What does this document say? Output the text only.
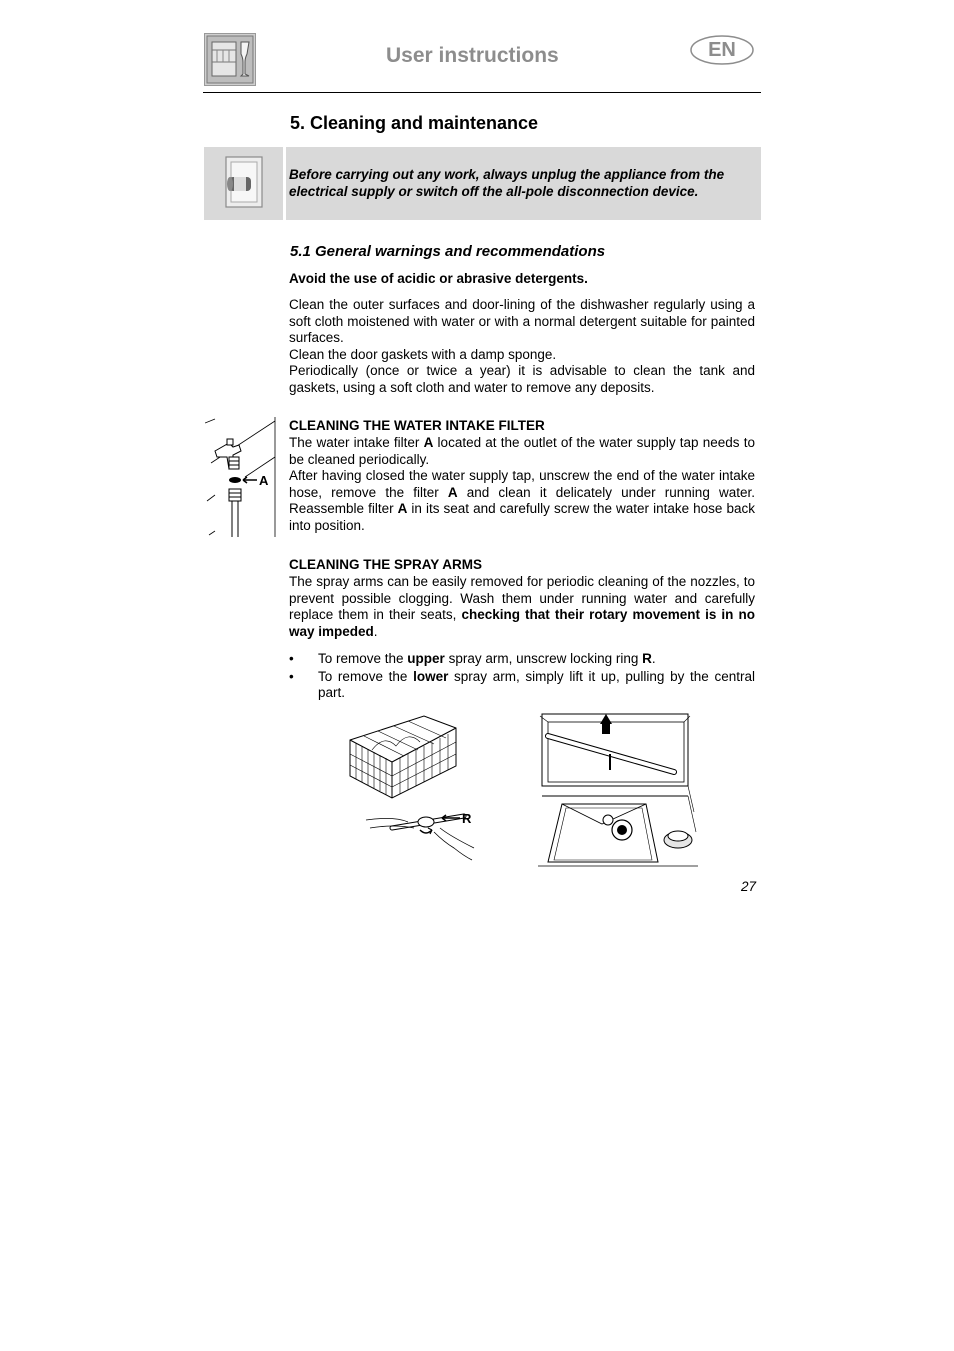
User instructions	EN
5. Cleaning and maintenance
Before carrying out any work, always unplug the appliance from the electrical supply or switch off the all-pole disconnection device.
5.1 General warnings and recommendations
Avoid the use of acidic or abrasive detergents.
Clean the outer surfaces and door-lining of the dishwasher regularly using a soft cloth moistened with water or with a normal detergent suitable for painted surfaces.
Clean the door gaskets with a damp sponge.
Periodically (once or twice a year) it is advisable to clean the tank and gaskets, using a soft cloth and water to remove any deposits.
A
CLEANING THE WATER INTAKE FILTER
The water intake filter A located at the outlet of the water supply tap needs to be cleaned periodically.
After having closed the water supply tap, unscrew the end of the water intake hose, remove the filter A and clean it delicately under running water. Reassemble filter A in its seat and carefully screw the water intake hose back into position.
CLEANING THE SPRAY ARMS
The spray arms can be easily removed for periodic cleaning of the nozzles, to prevent possible clogging. Wash them under running water and carefully replace them in their seats, checking that their rotary movement is in no way impeded.
• To remove the upper spray arm, unscrew locking ring R.
• To remove the lower spray arm, simply lift it up, pulling by the central part.
R
27
